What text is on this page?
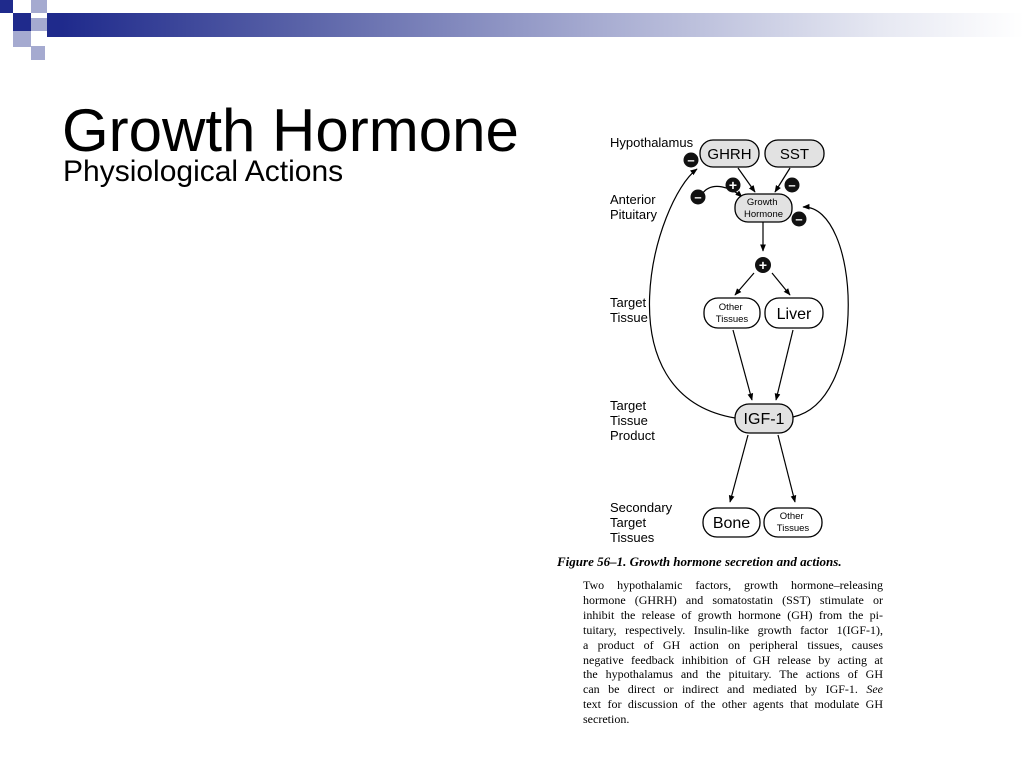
Growth Hormone
Physiological Actions
Hypothalamus
Anterior Pituitary
Target Tissue
Target Tissue Product
Secondary Target Tissues
GHRH SST
Growth Hormone
Other Tissues Liver
IGF-1
Bone	Other Tissues
–
–
+	–
–
+
Figure 56–1. Growth hormone secretion and actions.
Two hypothalamic factors, growth hormone–releasing
hormone (GHRH) and somatostatin (SST) stimulate or
inhibit the release of growth hormone (GH) from the pi-
tuitary, respectively. Insulin-like growth factor 1(IGF-1),
a product of GH action on peripheral tissues, causes
negative feedback inhibition of GH release by acting at
the hypothalamus and the pituitary. The actions of GH
can be direct or indirect and mediated by IGF-1. See
text for discussion of the other agents that modulate GH
secretion.
